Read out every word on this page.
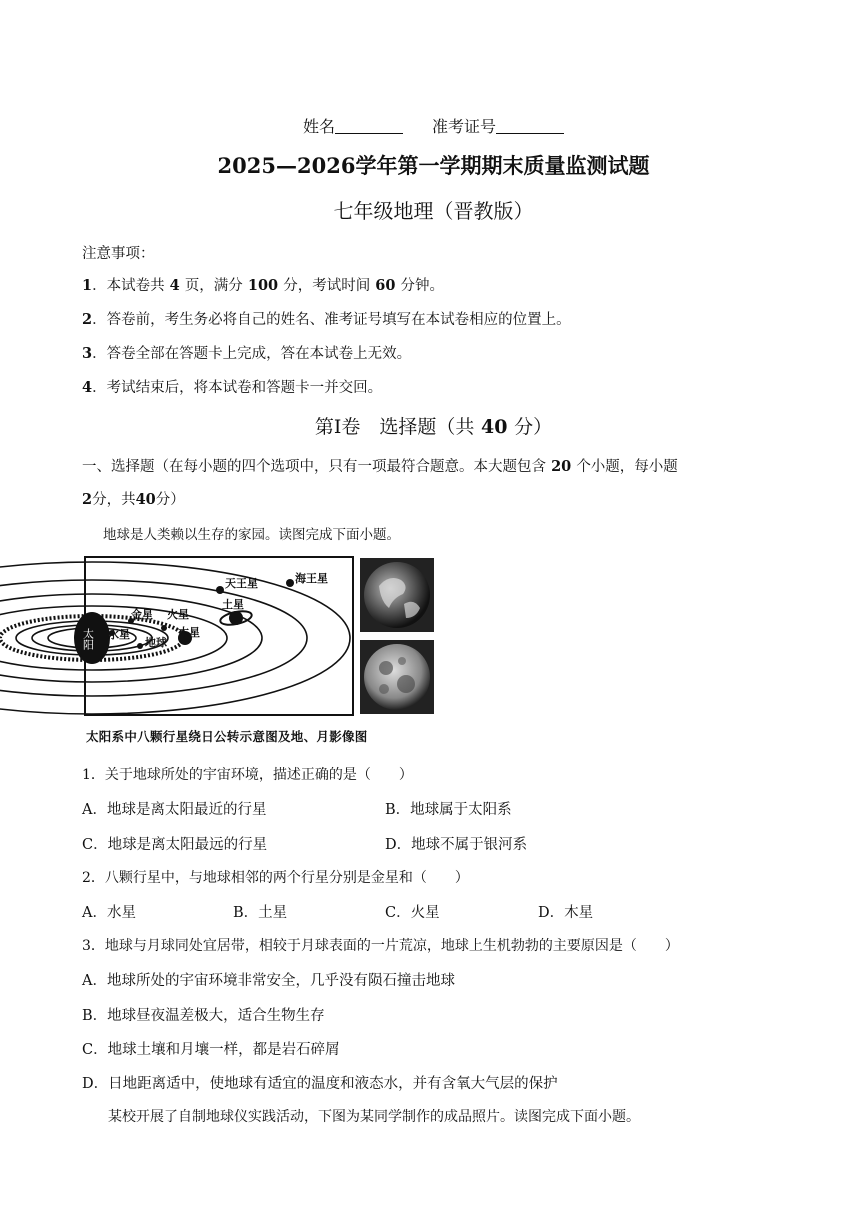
姓名	准考证号
2025—2026学年第一学期期末质量监测试题
七年级地理（晋教版）
注意事项：
1．本试卷共 4 页，满分 100 分，考试时间 60 分钟。
2．答卷前，考生务必将自己的姓名、准考证号填写在本试卷相应的位置上。
3．答卷全部在答题卡上完成，答在本试卷上无效。
4．考试结束后，将本试卷和答题卡一并交回。
第Ⅰ卷　选择题（共 40 分）
一、选择题（在每小题的四个选项中，只有一项最符合题意。本大题包含 20 个小题，每小题
2分，共40分）
地球是人类赖以生存的家园。读图完成下面小题。
太阳 水星
金星
地球
火星
木星
土星
天王星	海王星
太阳系中八颗行星绕日公转示意图及地、月影像图
1．关于地球所处的宇宙环境，描述正确的是（　　）
A．地球是离太阳最近的行星	B．地球属于太阳系
C．地球是离太阳最远的行星	D．地球不属于银河系
2．八颗行星中，与地球相邻的两个行星分别是金星和（　　）
A．水星	B．土星	C．火星	D．木星
3．地球与月球同处宜居带，相较于月球表面的一片荒凉，地球上生机勃勃的主要原因是（　　）
A．地球所处的宇宙环境非常安全，几乎没有陨石撞击地球
B．地球昼夜温差极大，适合生物生存
C．地球土壤和月壤一样，都是岩石碎屑
D．日地距离适中，使地球有适宜的温度和液态水，并有含氧大气层的保护
某校开展了自制地球仪实践活动，下图为某同学制作的成品照片。读图完成下面小题。
